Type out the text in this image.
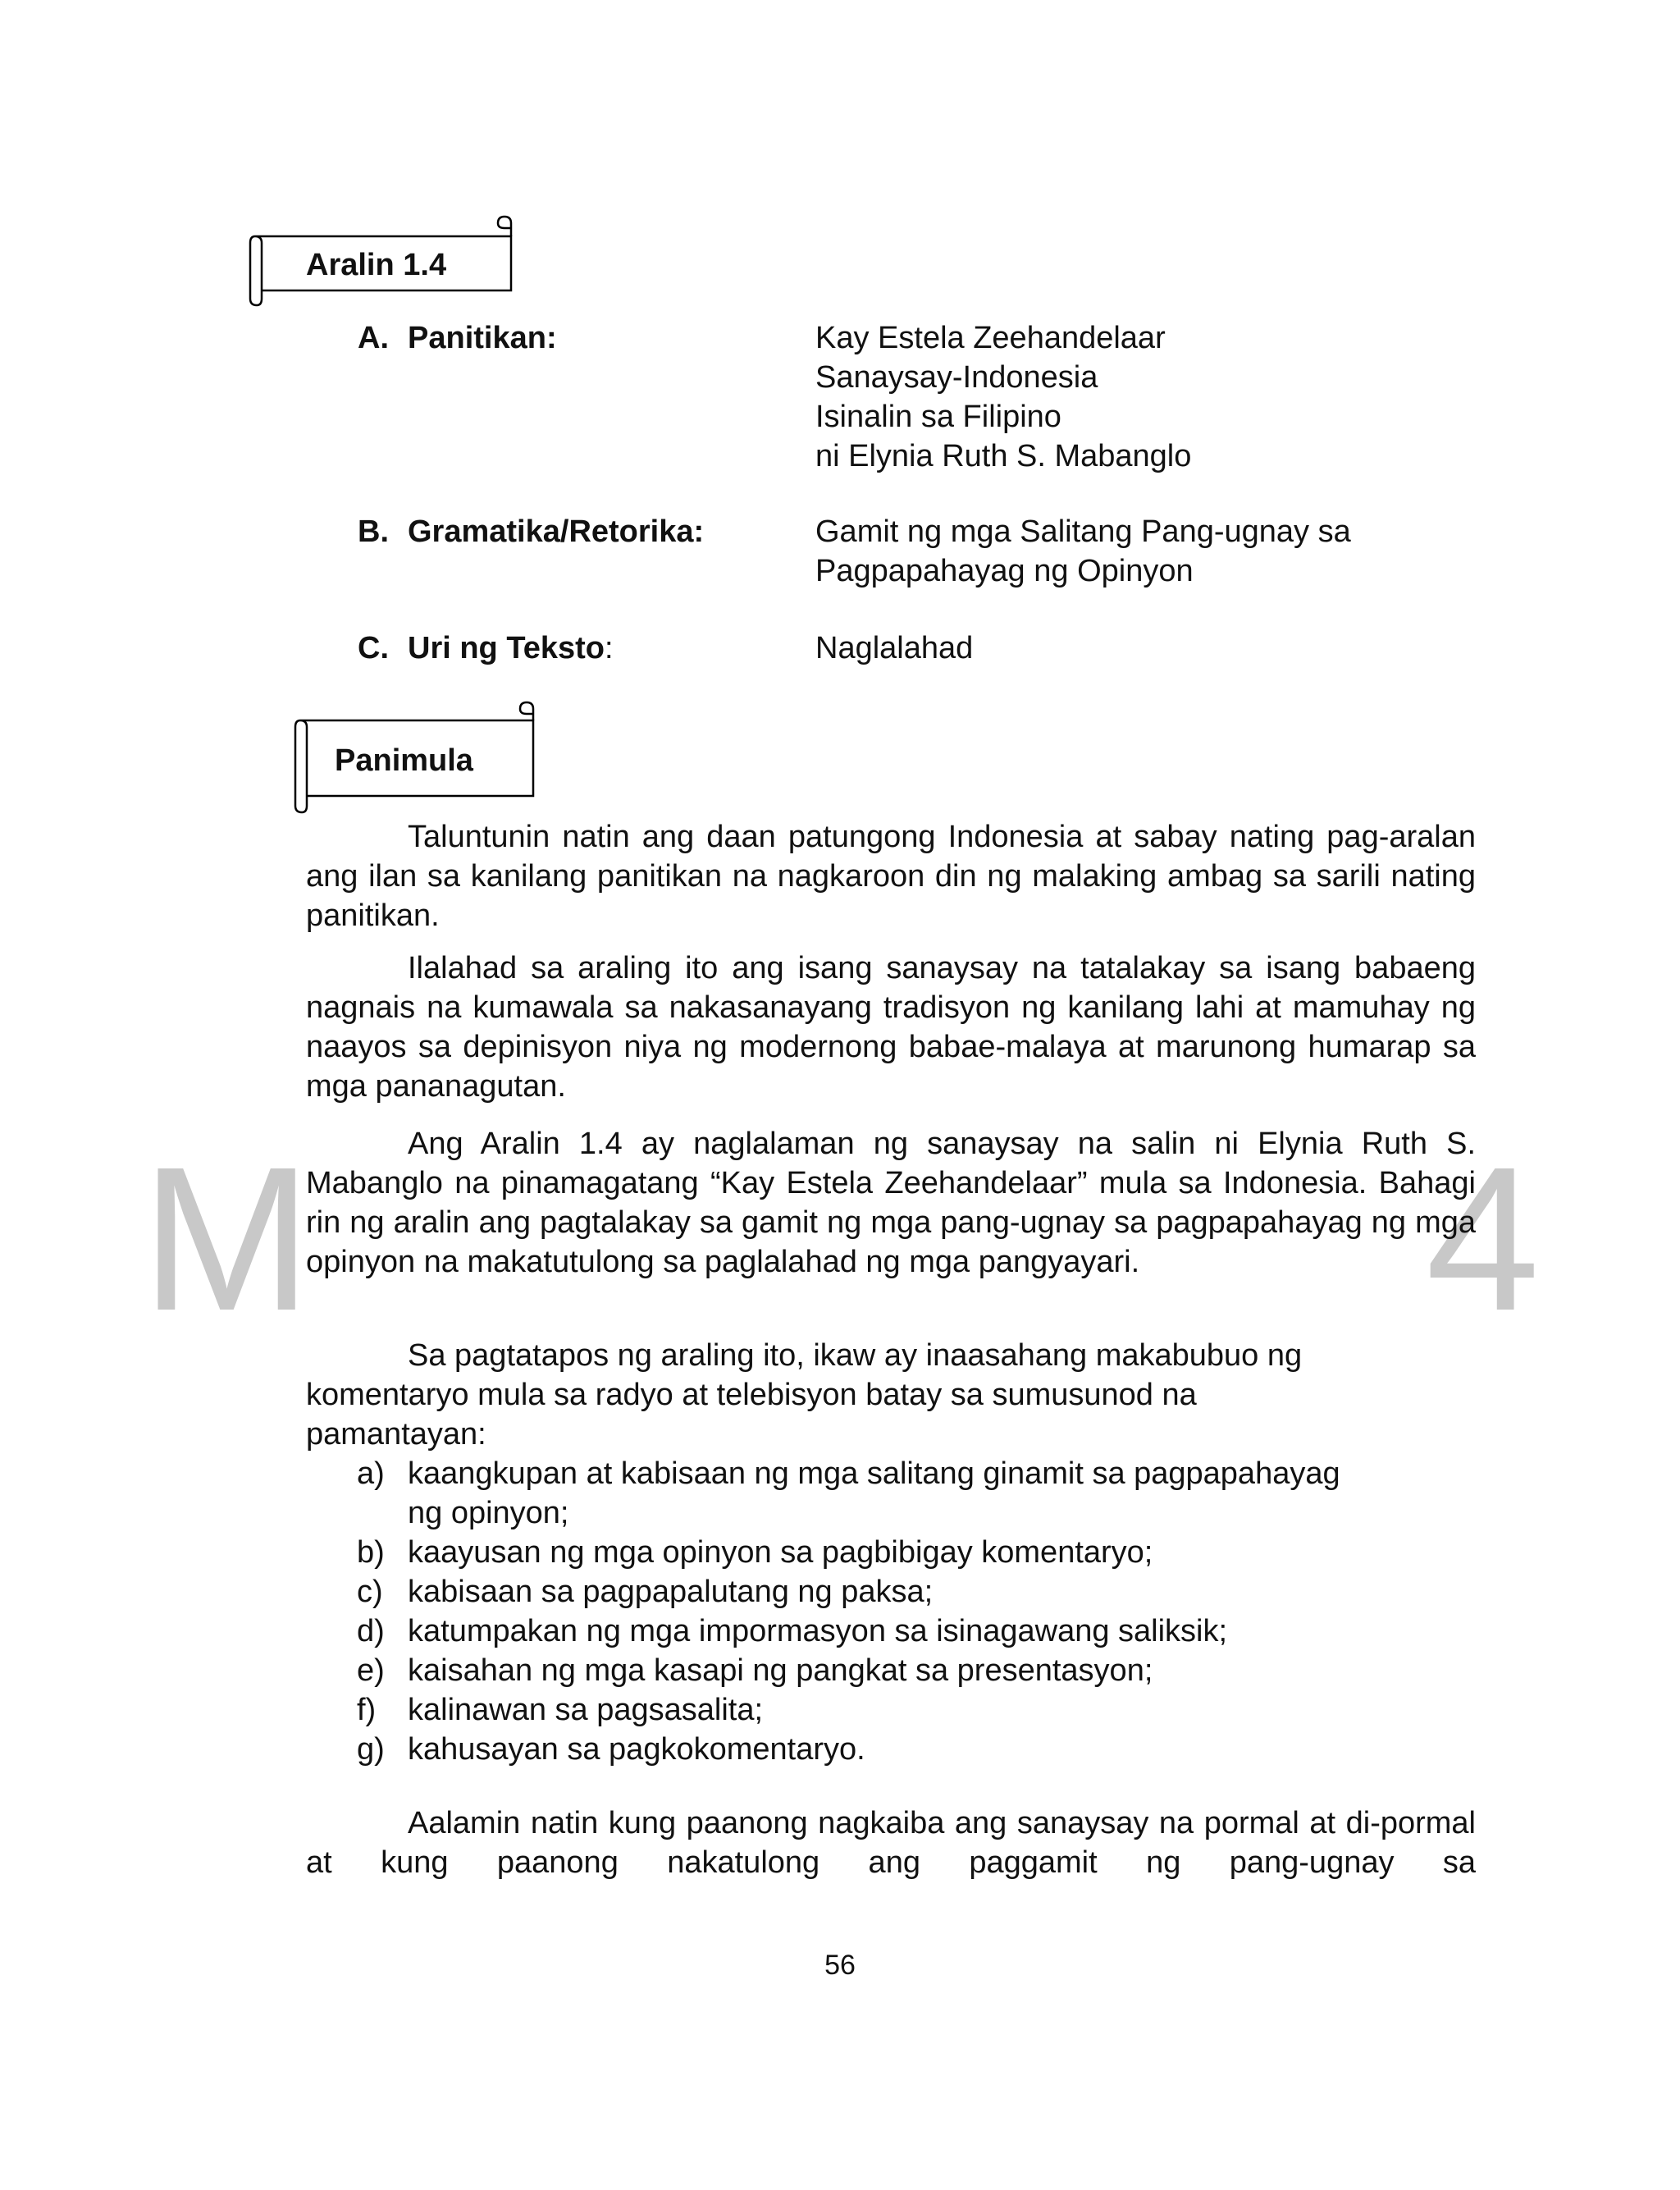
M	4
Aralin 1.4
A. Panitikan:	Kay Estela Zeehandelaar
Sanaysay-Indonesia
Isinalin sa Filipino
ni Elynia Ruth S. Mabanglo
B. Gramatika/Retorika:	Gamit ng mga Salitang Pang-ugnay sa
Pagpapahayag ng Opinyon
C. Uri ng Teksto:	Naglalahad
Panimula

Taluntunin natin ang daan patungong Indonesia at sabay nating pag-aralan ang ilan sa kanilang panitikan na nagkaroon din ng malaking ambag sa sarili nating panitikan.

Ilalahad sa araling ito ang isang sanaysay na tatalakay sa isang babaeng nagnais na kumawala sa nakasanayang tradisyon ng kanilang lahi at mamuhay ng naayos sa depinisyon niya ng modernong babae-malaya at marunong humarap sa mga pananagutan.

Ang Aralin 1.4 ay naglalaman ng sanaysay na salin ni Elynia Ruth S. Mabanglo na pinamagatang “Kay Estela Zeehandelaar” mula sa Indonesia. Bahagi rin ng aralin ang pagtalakay sa gamit ng mga pang-ugnay sa pagpapahayag ng mga opinyon na makatutulong sa paglalahad ng mga pangyayari.

Sa pagtatapos ng araling ito, ikaw ay inaasahang makabubuo ng
komentaryo mula sa radyo at telebisyon batay sa sumusunod na
pamantayan:
a) kaangkupan at kabisaan ng mga salitang ginamit sa pagpapahayag ng opinyon;
b) kaayusan ng mga opinyon sa pagbibigay komentaryo;
c) kabisaan sa pagpapalutang ng paksa;
d) katumpakan ng mga impormasyon sa isinagawang saliksik;
e) kaisahan ng mga kasapi ng pangkat sa presentasyon;
f) kalinawan sa pagsasalita;
g) kahusayan sa pagkokomentaryo.

Aalamin natin kung paanong nagkaiba ang sanaysay na pormal at di-pormal at kung paanong nakatulong ang paggamit ng pang-ugnay sa

56
